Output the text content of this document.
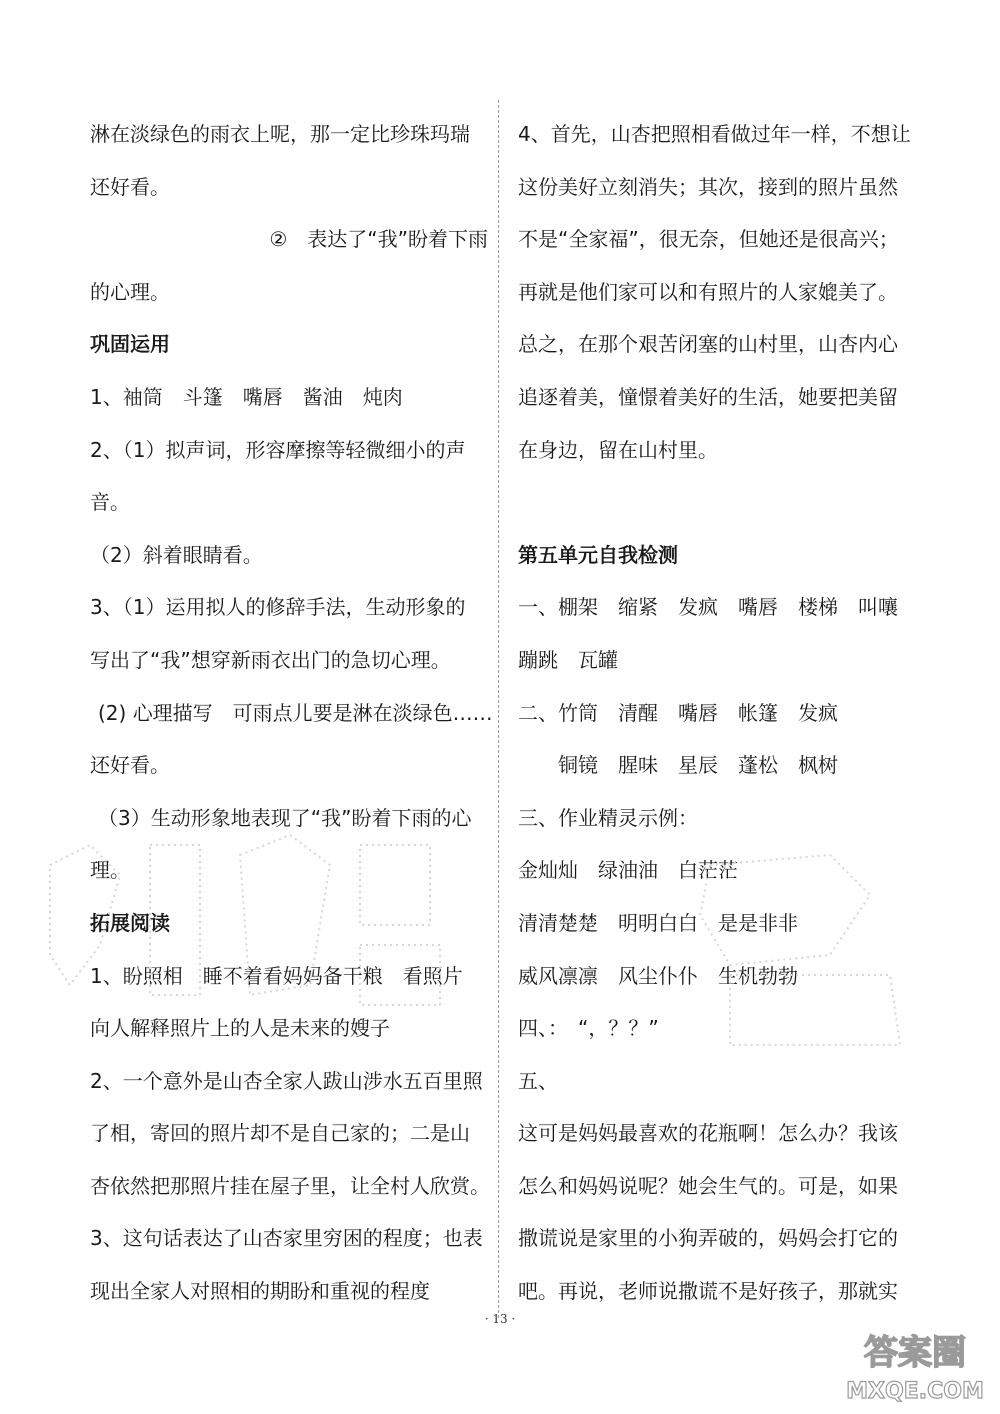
淋在淡绿色的雨衣上呢，那一定比珍珠玛瑞
还好看。
②　表达了“我”盼着下雨
的心理。
巩固运用
1、袖筒　斗篷　嘴唇　酱油　炖肉
2、（1）拟声词，形容摩擦等轻微细小的声
音。
（2）斜着眼睛看。
3、（1）运用拟人的修辞手法，生动形象的
写出了“我”想穿新雨衣出门的急切心理。
(2) 心理描写　可雨点儿要是淋在淡绿色……
还好看。
（3）生动形象地表现了“我”盼着下雨的心
理。
拓展阅读
1、盼照相　睡不着看妈妈备干粮　看照片
向人解释照片上的人是未来的嫂子
2、一个意外是山杏全家人跋山涉水五百里照
了相，寄回的照片却不是自己家的；二是山
杏依然把那照片挂在屋子里，让全村人欣赏。
3、这句话表达了山杏家里穷困的程度；也表
现出全家人对照相的期盼和重视的程度
4、首先，山杏把照相看做过年一样，不想让
这份美好立刻消失；其次，接到的照片虽然
不是“全家福”，很无奈，但她还是很高兴；
再就是他们家可以和有照片的人家媲美了。
总之，在那个艰苦闭塞的山村里，山杏内心
追逐着美，憧憬着美好的生活，她要把美留
在身边，留在山村里。
第五单元自我检测
一、棚架　缩紧　发疯　嘴唇　楼梯　叫嚷
蹦跳　瓦罐
二、竹筒　清醒　嘴唇　帐篷　发疯
铜镜　腥味　星辰　蓬松　枫树
三、作业精灵示例：
金灿灿　绿油油　白茫茫
清清楚楚　明明白白　是是非非
威风凛凛　风尘仆仆　生机勃勃
四、：　“，？？”
五、
这可是妈妈最喜欢的花瓶啊！怎么办？我该
怎么和妈妈说呢？她会生气的。可是，如果
撒谎说是家里的小狗弄破的，妈妈会打它的
吧。再说，老师说撒谎不是好孩子，那就实
· 13 ·
答案圈
MXQE.COM
